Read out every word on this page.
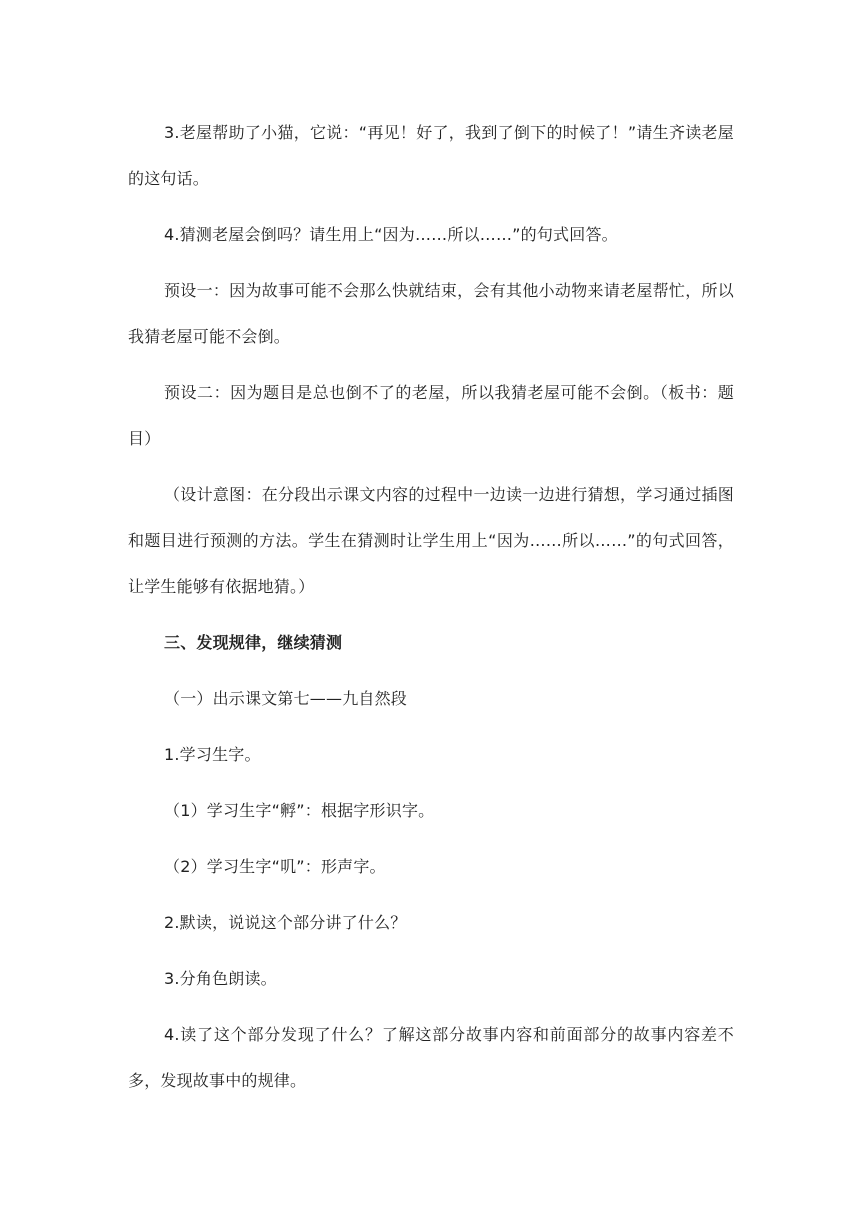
3.老屋帮助了小猫，它说：“再见！好了，我到了倒下的时候了！”请生齐读老屋的这句话。

4.猜测老屋会倒吗？请生用上“因为……所以……”的句式回答。

预设一：因为故事可能不会那么快就结束，会有其他小动物来请老屋帮忙，所以我猜老屋可能不会倒。

预设二：因为题目是总也倒不了的老屋，所以我猜老屋可能不会倒。（板书：题目）

（设计意图：在分段出示课文内容的过程中一边读一边进行猜想，学习通过插图和题目进行预测的方法。学生在猜测时让学生用上“因为……所以……”的句式回答，让学生能够有依据地猜。）

三、发现规律，继续猜测

（一）出示课文第七——九自然段

1.学习生字。

（1）学习生字“孵”：根据字形识字。

（2）学习生字“叽”：形声字。

2.默读，说说这个部分讲了什么？

3.分角色朗读。

4.读了这个部分发现了什么？了解这部分故事内容和前面部分的故事内容差不多，发现故事中的规律。
